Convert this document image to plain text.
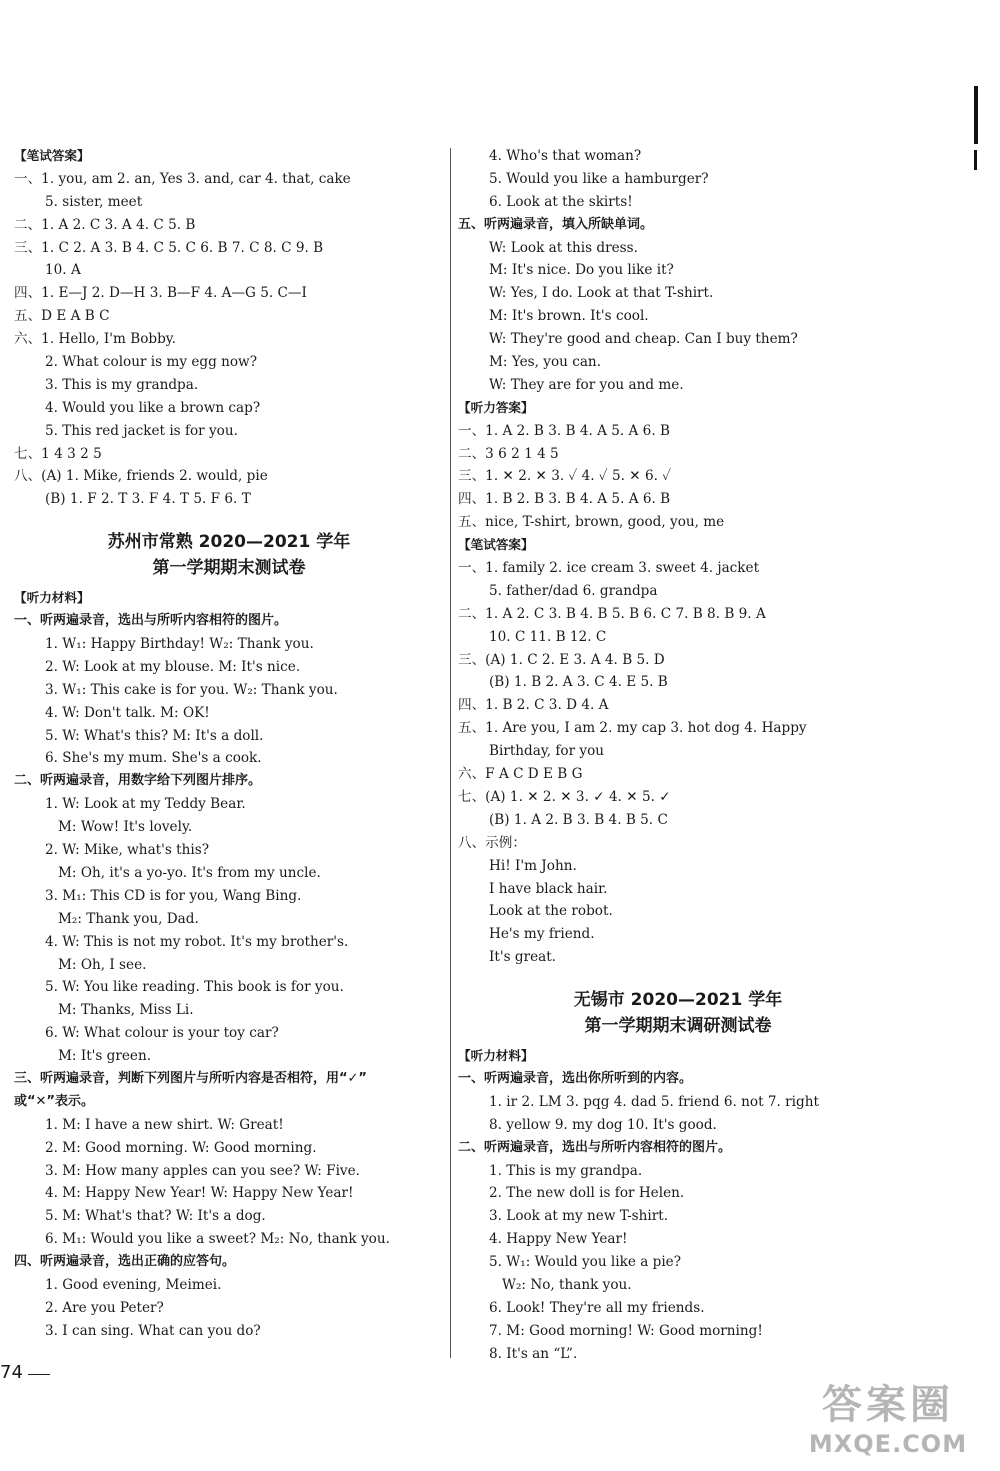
【笔试答案】
一、1. you, am 2. an, Yes 3. and, car 4. that, cake
5. sister, meet
二、1. A 2. C 3. A 4. C 5. B
三、1. C 2. A 3. B 4. C 5. C 6. B 7. C 8. C 9. B
10. A
四、1. E—J 2. D—H 3. B—F 4. A—G 5. C—I
五、D E A B C
六、1. Hello, I'm Bobby.
2. What colour is my egg now?
3. This is my grandpa.
4. Would you like a brown cap?
5. This red jacket is for you.
七、1 4 3 2 5
八、(A) 1. Mike, friends 2. would, pie
(B) 1. F 2. T 3. F 4. T 5. F 6. T
苏州市常熟 2020—2021 学年
第一学期期末测试卷
【听力材料】
一、听两遍录音，选出与所听内容相符的图片。
1. W₁: Happy Birthday! W₂: Thank you.
2. W: Look at my blouse. M: It's nice.
3. W₁: This cake is for you. W₂: Thank you.
4. W: Don't talk. M: OK!
5. W: What's this? M: It's a doll.
6. She's my mum. She's a cook.
二、听两遍录音，用数字给下列图片排序。
1. W: Look at my Teddy Bear.
M: Wow! It's lovely.
2. W: Mike, what's this?
M: Oh, it's a yo-yo. It's from my uncle.
3. M₁: This CD is for you, Wang Bing.
M₂: Thank you, Dad.
4. W: This is not my robot. It's my brother's.
M: Oh, I see.
5. W: You like reading. This book is for you.
M: Thanks, Miss Li.
6. W: What colour is your toy car?
M: It's green.
三、听两遍录音，判断下列图片与所听内容是否相符，用“✓”
或“✕”表示。
1. M: I have a new shirt. W: Great!
2. M: Good morning. W: Good morning.
3. M: How many apples can you see? W: Five.
4. M: Happy New Year! W: Happy New Year!
5. M: What's that? W: It's a dog.
6. M₁: Would you like a sweet? M₂: No, thank you.
四、听两遍录音，选出正确的应答句。
1. Good evening, Meimei.
2. Are you Peter?
3. I can sing. What can you do?
4. Who's that woman?
5. Would you like a hamburger?
6. Look at the skirts!
五、听两遍录音，填入所缺单词。
W: Look at this dress.
M: It's nice. Do you like it?
W: Yes, I do. Look at that T-shirt.
M: It's brown. It's cool.
W: They're good and cheap. Can I buy them?
M: Yes, you can.
W: They are for you and me.
【听力答案】
一、1. A 2. B 3. B 4. A 5. A 6. B
二、3 6 2 1 4 5
三、1. ✕ 2. ✕ 3. ✓ 4. ✓ 5. ✕ 6. ✓
四、1. B 2. B 3. B 4. A 5. A 6. B
五、nice, T-shirt, brown, good, you, me
【笔试答案】
一、1. family 2. ice cream 3. sweet 4. jacket
5. father/dad 6. grandpa
二、1. A 2. C 3. B 4. B 5. B 6. C 7. B 8. B 9. A
10. C 11. B 12. C
三、(A) 1. C 2. E 3. A 4. B 5. D
(B) 1. B 2. A 3. C 4. E 5. B
四、1. B 2. C 3. D 4. A
五、1. Are you, I am 2. my cap 3. hot dog 4. Happy
Birthday, for you
六、F A C D E B G
七、(A) 1. ✕ 2. ✕ 3. ✓ 4. ✕ 5. ✓
(B) 1. A 2. B 3. B 4. B 5. C
八、示例：
Hi! I'm John.
I have black hair.
Look at the robot.
He's my friend.
It's great.
无锡市 2020—2021 学年
第一学期期末调研测试卷
【听力材料】
一、听两遍录音，选出你所听到的内容。
1. ir 2. LM 3. pqg 4. dad 5. friend 6. not 7. right
8. yellow 9. my dog 10. It's good.
二、听两遍录音，选出与所听内容相符的图片。
1. This is my grandpa.
2. The new doll is for Helen.
3. Look at my new T-shirt.
4. Happy New Year!
5. W₁: Would you like a pie?
W₂: No, thank you.
6. Look! They're all my friends.
7. M: Good morning! W: Good morning!
8. It's an “L”.
74
答案圈
MXQE.COM
